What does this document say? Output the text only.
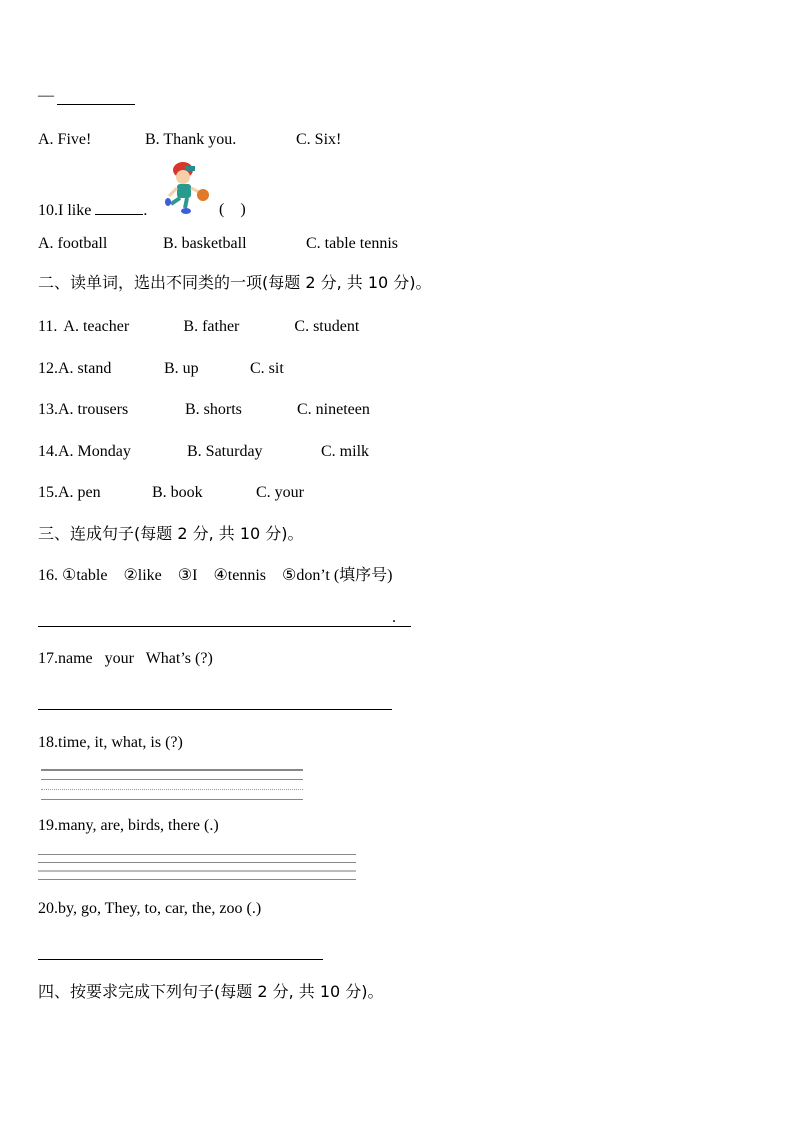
—
A. Five!	B. Thank you.	C. Six!
10.I like	.	(    )
A. football	B. basketball	C. table tennis
二、读单词，选出不同类的一项(每题 2 分, 共 10 分)。
11. A. teacher	B. father	C. student
12.A. stand	B. up	C. sit
13.A. trousers	B. shorts	C. nineteen
14.A. Monday	B. Saturday	C. milk
15.A. pen	B. book	C. your
三、连成句子(每题 2 分, 共 10 分)。
16. ①table    ②like    ③I    ④tennis    ⑤don’t (填序号)
.
17.name   your   What’s (?)
18.time, it, what, is (?)
19.many, are, birds, there (.)
20.by, go, They, to, car, the, zoo (.)
四、按要求完成下列句子(每题 2 分, 共 10 分)。
